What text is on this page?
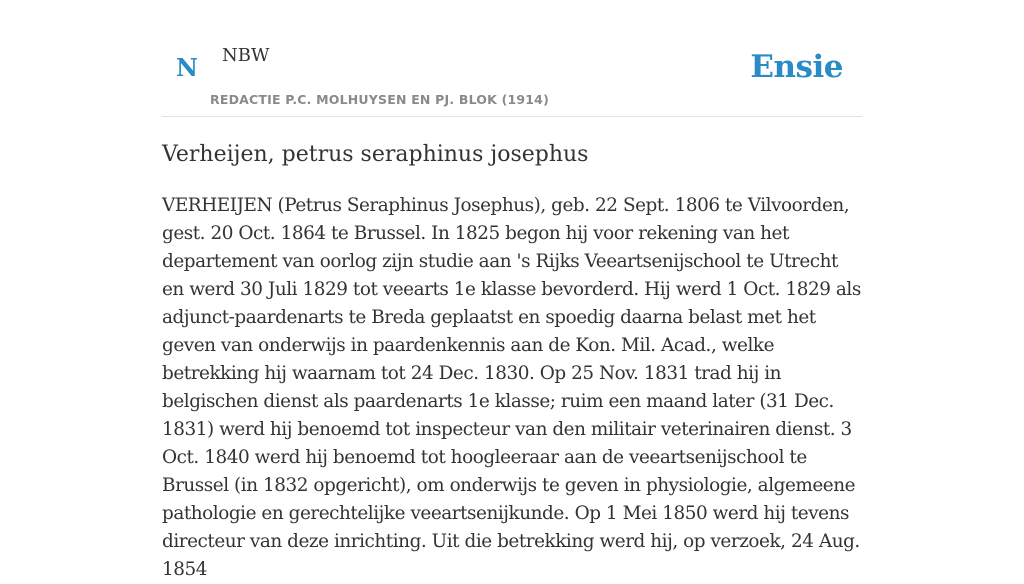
N NBW
REDACTIE P.C. MOLHUYSEN EN PJ. BLOK (1914)
Ensie
Verheijen, petrus seraphinus josephus

VERHEIJEN (Petrus Seraphinus Josephus), geb. 22 Sept. 1806 te Vilvoorden, gest. 20 Oct. 1864 te Brussel. In 1825 begon hij voor rekening van het departement van oorlog zijn studie aan 's Rijks Veeartsenijschool te Utrecht en werd 30 Juli 1829 tot veearts 1e klasse bevorderd. Hij werd 1 Oct. 1829 als adjunct-paardenarts te Breda geplaatst en spoedig daarna belast met het geven van onderwijs in paardenkennis aan de Kon. Mil. Acad., welke betrekking hij waarnam tot 24 Dec. 1830. Op 25 Nov. 1831 trad hij in belgischen dienst als paardenarts 1e klasse; ruim een maand later (31 Dec. 1831) werd hij benoemd tot inspecteur van den militair veterinairen dienst. 3 Oct. 1840 werd hij benoemd tot hoogleeraar aan de veeartsenijschool te Brussel (in 1832 opgericht), om onderwijs te geven in physiologie, algemeene pathologie en gerechtelijke veeartsenijkunde. Op 1 Mei 1850 werd hij tevens directeur van deze inrichting. Uit die betrekking werd hij, op verzoek, 24 Aug. 1854
